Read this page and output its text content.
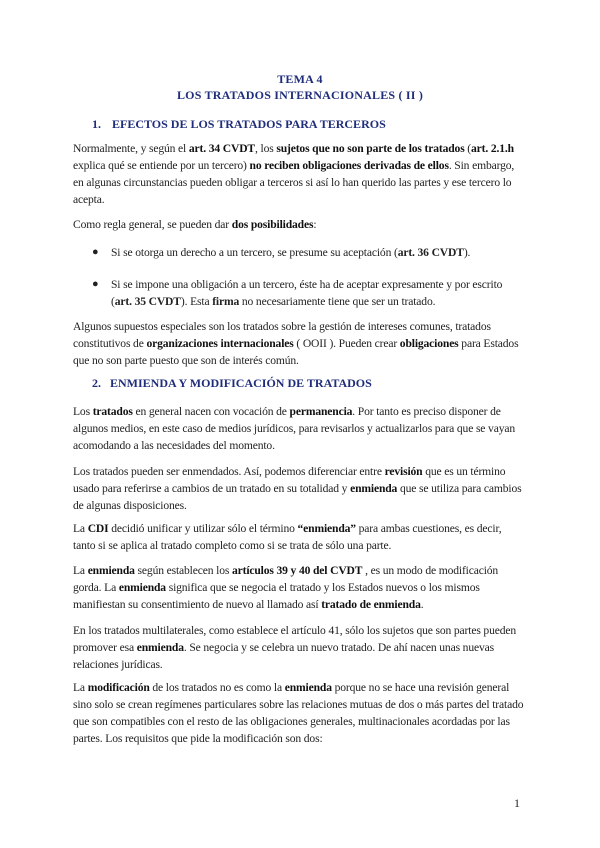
TEMA 4
LOS TRATADOS INTERNACIONALES ( II )
1. EFECTOS DE LOS TRATADOS PARA TERCEROS
Normalmente, y según el art. 34 CVDT, los sujetos que no son parte de los tratados (art. 2.1.h explica qué se entiende por un tercero) no reciben obligaciones derivadas de ellos. Sin embargo, en algunas circunstancias pueden obligar a terceros si así lo han querido las partes y ese tercero lo acepta.
Como regla general, se pueden dar dos posibilidades:
● Si se otorga un derecho a un tercero, se presume su aceptación (art. 36 CVDT).
● Si se impone una obligación a un tercero, éste ha de aceptar expresamente y por escrito (art. 35 CVDT). Esta firma no necesariamente tiene que ser un tratado.
Algunos supuestos especiales son los tratados sobre la gestión de intereses comunes, tratados constitutivos de organizaciones internacionales ( OOII ). Pueden crear obligaciones para Estados que no son parte puesto que son de interés común.
2. ENMIENDA Y MODIFICACIÓN DE TRATADOS
Los tratados en general nacen con vocación de permanencia. Por tanto es preciso disponer de algunos medios, en este caso de medios jurídicos, para revisarlos y actualizarlos para que se vayan acomodando a las necesidades del momento.
Los tratados pueden ser enmendados. Así, podemos diferenciar entre revisión que es un término usado para referirse a cambios de un tratado en su totalidad y enmienda que se utiliza para cambios de algunas disposiciones.
La CDI decidió unificar y utilizar sólo el término “enmienda” para ambas cuestiones, es decir, tanto si se aplica al tratado completo como si se trata de sólo una parte.
La enmienda según establecen los artículos 39 y 40 del CVDT , es un modo de modificación gorda. La enmienda significa que se negocia el tratado y los Estados nuevos o los mismos manifiestan su consentimiento de nuevo al llamado así tratado de enmienda.
En los tratados multilaterales, como establece el artículo 41, sólo los sujetos que son partes pueden promover esa enmienda. Se negocia y se celebra un nuevo tratado. De ahí nacen unas nuevas relaciones jurídicas.
La modificación de los tratados no es como la enmienda porque no se hace una revisión general sino solo se crean regímenes particulares sobre las relaciones mutuas de dos o más partes del tratado que son compatibles con el resto de las obligaciones generales, multinacionales acordadas por las partes. Los requisitos que pide la modificación son dos:
1
